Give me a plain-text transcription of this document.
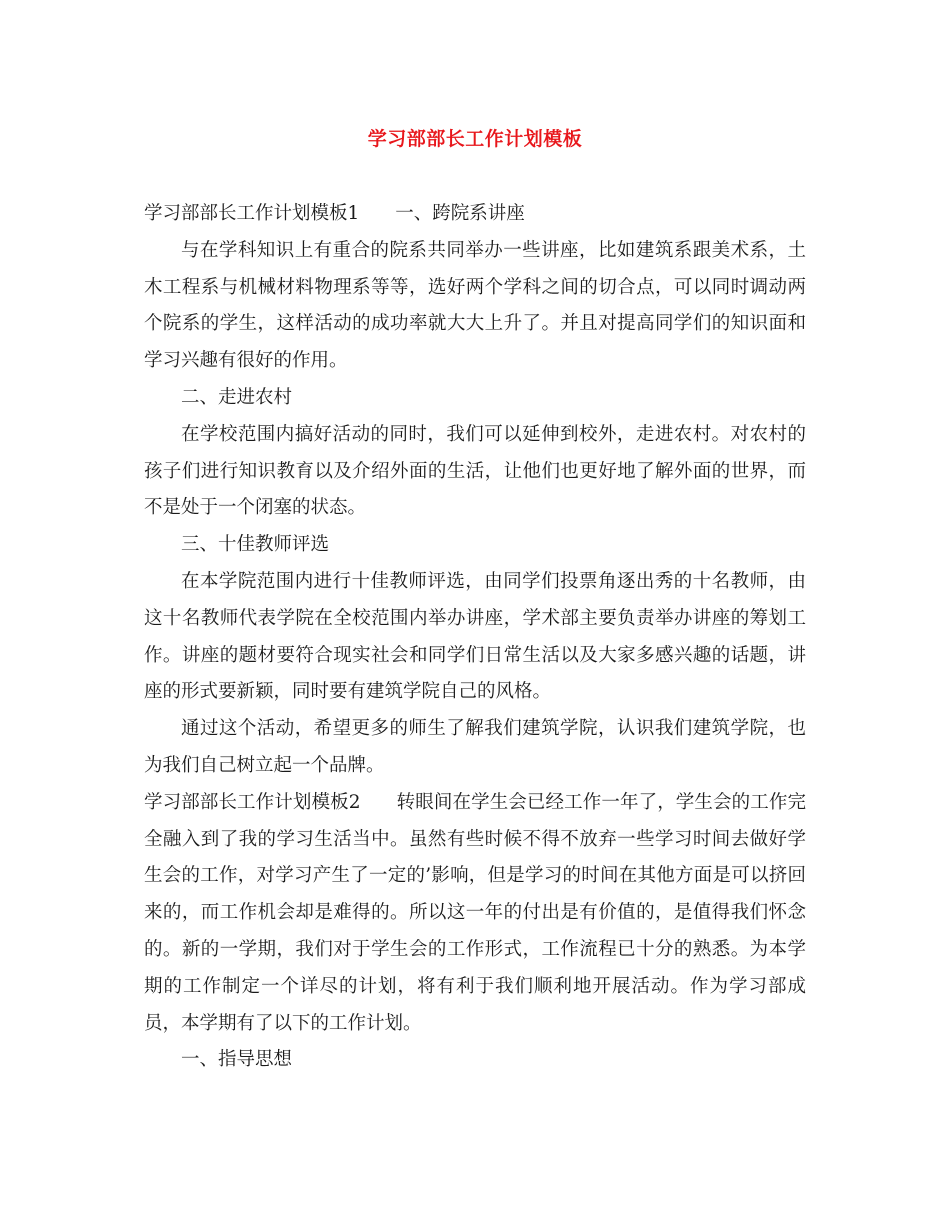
学习部部长工作计划模板

学习部部长工作计划模板1 一、跨院系讲座

与在学科知识上有重合的院系共同举办一些讲座，比如建筑系跟美术系，土木工程系与机械材料物理系等等，选好两个学科之间的切合点，可以同时调动两个院系的学生，这样活动的成功率就大大上升了。并且对提高同学们的知识面和学习兴趣有很好的作用。

二、走进农村

在学校范围内搞好活动的同时，我们可以延伸到校外，走进农村。对农村的孩子们进行知识教育以及介绍外面的生活，让他们也更好地了解外面的世界，而不是处于一个闭塞的状态。

三、十佳教师评选

在本学院范围内进行十佳教师评选，由同学们投票角逐出秀的十名教师，由这十名教师代表学院在全校范围内举办讲座，学术部主要负责举办讲座的筹划工作。讲座的题材要符合现实社会和同学们日常生活以及大家多感兴趣的话题，讲座的形式要新颖，同时要有建筑学院自己的风格。

通过这个活动，希望更多的师生了解我们建筑学院，认识我们建筑学院，也为我们自己树立起一个品牌。

学习部部长工作计划模板2 转眼间在学生会已经工作一年了，学生会的工作完全融入到了我的学习生活当中。虽然有些时候不得不放弃一些学习时间去做好学生会的工作，对学习产生了一定的’影响，但是学习的时间在其他方面是可以挤回来的，而工作机会却是难得的。所以这一年的付出是有价值的，是值得我们怀念的。新的一学期，我们对于学生会的工作形式，工作流程已十分的熟悉。为本学期的工作制定一个详尽的计划，将有利于我们顺利地开展活动。作为学习部成员，本学期有了以下的工作计划。

一、指导思想
